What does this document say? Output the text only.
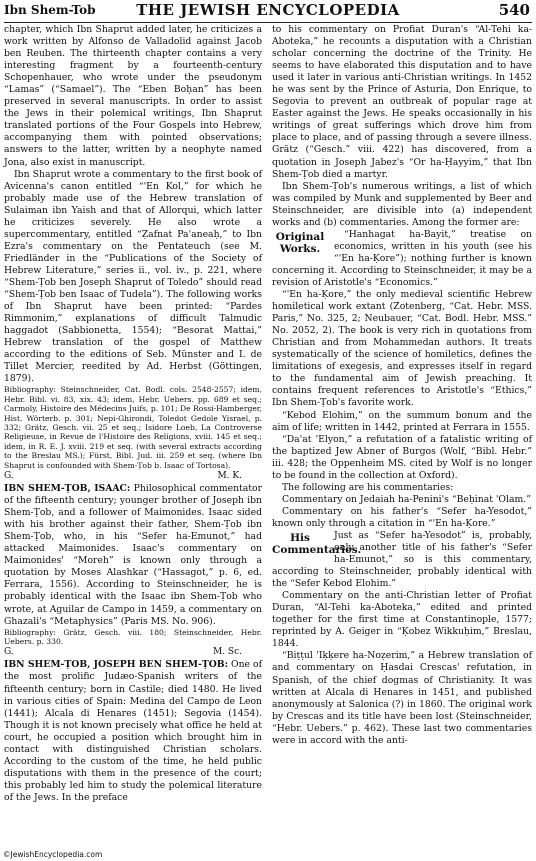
Ibn Shem-Tob	THE JEWISH ENCYCLOPEDIA	540

chapter, which Ibn Shaprut added later, he criticizes a work written by Alfonso de Valladolid against Jacob ben Reuben. The thirteenth chapter contains a very interesting fragment by a fourteenth-century Schopenhauer, who wrote under the pseudonym “Lamas” (“Samael”). The “Eben Boḥan” has been preserved in several manuscripts. In order to assist the Jews in their polemical writings, Ibn Shaprut translated portions of the Four Gospels into Hebrew, accompanying them with pointed observations; answers to the latter, written by a neophyte named Jona, also exist in manuscript.

Ibn Shaprut wrote a commentary to the first book of Avicenna's canon entitled “'En Kol,” for which he probably made use of the Hebrew translation of Sulaiman ibn Yaish and that of Allorqui, which latter he criticizes severely. He also wrote a supercommentary, entitled “Ẓafnat Pa'aneaḥ,” to Ibn Ezra's commentary on the Pentateuch (see M. Friedländer in the “Publications of the Society of Hebrew Literature,” series ii., vol. iv., p. 221, where “Shem-Ṭob ben Joseph Shaprut of Toledo” should read “Shem-Ṭob ben Isaac of Tudela”). The following works of Ibn Shaprut have been printed: “Pardes Rimmonim,” explanations of difficult Talmudic haggadot (Sabbionetta, 1554); “Besorat Mattai,” Hebrew translation of the gospel of Matthew according to the editions of Seb. Münster and I. de Tillet Mercier, reedited by Ad. Herbst (Göttingen, 1879).

Bibliography: Steinschneider, Cat. Bodl. cols. 2548-2557; idem, Hebr. Bibl. vi. 83, xix. 43; idem, Hebr. Uebers. pp. 689 et seq.; Carmoly, Histoire des Médecins Juifs, p. 101; De Rossi-Hamberger, Hist. Wörterb. p. 301; Nepi-Ghirondi, Toledot Gedole Yisrael, p. 332; Grätz, Gesch. vii. 25 et seq.; Isidore Loeb, La Controverse Religieuse, in Revue de l'Histoire des Religions, xviii. 145 et seq.; idem, in R. E. J. xviii. 219 et seq. (with several extracts according to the Breslau MS.); Fürst, Bibl. Jud. iii. 259 et seq. (where Ibn Shaprut is confounded with Shem-Ṭob b. Isaac of Tortosa).

G.	M. K.

IBN SHEM-ṬOB, ISAAC: Philosophical commentator of the fifteenth century; younger brother of Joseph ibn Shem-Ṭob, and a follower of Maimonides. Isaac sided with his brother against their father, Shem-Ṭob ibn Shem-Ṭob, who, in his “Sefer ha-Emunot,” had attacked Maimonides. Isaac's commentary on Maimonides' “Moreh” is known only through a quotation by Moses Alashkar (“Hassagot,” p. 6, ed. Ferrara, 1556). According to Steinschneider, he is probably identical with the Isaac ibn Shem-Ṭob who wrote, at Aguilar de Campo in 1459, a commentary on Ghazali's “Metaphysics” (Paris MS. No. 906).

Bibliography: Grätz, Gesch. viii. 180; Steinschneider, Hebr. Uebers. p. 330.

G.	M. Sc.

IBN SHEM-ṬOB, JOSEPH BEN SHEM-ṬOB: One of the most prolific Judæo-Spanish writers of the fifteenth century; born in Castile; died 1480. He lived in various cities of Spain: Medina del Campo de Leon (1441); Alcala di Henares (1451); Segovia (1454). Though it is not known precisely what office he held at court, he occupied a position which brought him in contact with distinguished Christian scholars. According to the custom of the time, he held public disputations with them in the presence of the court; this probably led him to study the polemical literature of the Jews. In the preface

to his commentary on Profiat Duran's “Al-Tehi ka-Aboteka,” he recounts a disputation with a Christian scholar concerning the doctrine of the Trinity. He seems to have elaborated this disputation and to have used it later in various anti-Christian writings. In 1452 he was sent by the Prince of Asturia, Don Enrique, to Segovia to prevent an outbreak of popular rage at Easter against the Jews. He speaks occasionally in his writings of great sufferings which drove him from place to place, and of passing through a severe illness. Grätz (“Gesch.” viii. 422) has discovered, from a quotation in Joseph Jabez's “Or ha-Ḥayyim,” that Ibn Shem-Ṭob died a martyr.

Ibn Shem-Ṭob's numerous writings, a list of which was compiled by Munk and supplemented by Beer and Steinschneider, are divisible into (a) independent works and (b) commentaries. Among the former are:

Original Works.

“Hanhagat ha-Bayit,” treatise on economics, written in his youth (see his “'En ha-Ḳore”); nothing further is known concerning it. According to Steinschneider, it may be a revision of Aristotle's “Economics.”

“'En ha-Ḳore,” the only medieval scientific Hebrew homiletical work extant (Zotenberg, “Cat. Hebr. MSS. Paris,” No. 325, 2; Neubauer, “Cat. Bodl. Hebr. MSS.” No. 2052, 2). The book is very rich in quotations from Christian and from Mohammedan authors. It treats systematically of the science of homiletics, defines the limitations of exegesis, and expresses itself in regard to the fundamental aim of Jewish preaching. It contains frequent references to Aristotle's “Ethics,” Ibn Shem-Ṭob's favorite work.

“Kebod Elohim,” on the summum bonum and the aim of life; written in 1442, printed at Ferrara in 1555.

“Da'at 'Elyon,” a refutation of a fatalistic writing of the baptized Jew Abner of Burgos (Wolf, “Bibl. Hebr.” iii. 428; the Oppenheim MS. cited by Wolf is no longer to be found in the collection at Oxford).

The following are his commentaries:

Commentary on Jedaiah ha-Penini's “Beḥinat 'Olam.”

Commentary on his father's “Sefer ha-Yesodot,” known only through a citation in “'En ha-Ḳore.”

His Commentaries.

Just as “Sefer ha-Yesodot” is, probably, only another title of his father's “Sefer ha-Emunot,” so is this commentary, according to Steinschneider, probably identical with the “Sefer Kebod Elohim.”

Commentary on the anti-Christian letter of Profiat Duran, “Al-Tehi ka-Aboteka,” edited and printed together for the first time at Constantinople, 1577; reprinted by A. Geiger in “Ḳobez Wikkuḥim,” Breslau, 1844.

“Biṭṭul 'Iḳḳere ha-Noẓerim,” a Hebrew translation of and commentary on Ḥasdai Crescas' refutation, in Spanish, of the chief dogmas of Christianity. It was written at Alcala di Henares in 1451, and published anonymously at Salonica (?) in 1860. The original work by Crescas and its title have been lost (Steinschneider, “Hebr. Uebers.” p. 462). These last two commentaries were in accord with the anti-

©JewishEncyclopedia.com
